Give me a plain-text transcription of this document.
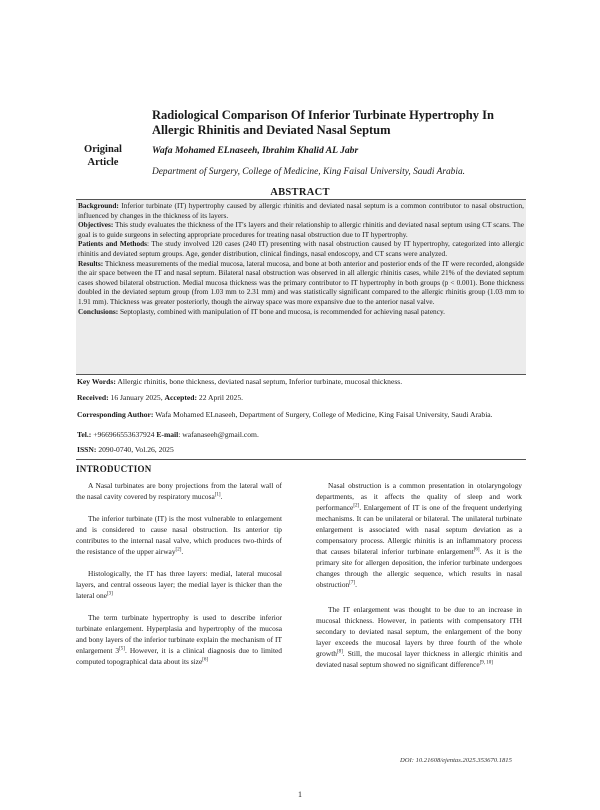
Radiological Comparison Of Inferior Turbinate Hypertrophy In Allergic Rhinitis and Deviated Nasal Septum
Original Article
Wafa Mohamed ELnaseeh, Ibrahim Khalid AL Jabr
Department of Surgery, College of Medicine, King Faisal University, Saudi Arabia.
ABSTRACT

Background: Inferior turbinate (IT) hypertrophy caused by allergic rhinitis and deviated nasal septum is a common contributor to nasal obstruction, influenced by changes in the thickness of its layers.

Objectives: This study evaluates the thickness of the IT's layers and their relationship to allergic rhinitis and deviated nasal septum using CT scans. The goal is to guide surgeons in selecting appropriate procedures for treating nasal obstruction due to IT hypertrophy.

Patients and Methods: The study involved 120 cases (240 IT) presenting with nasal obstruction caused by IT hypertrophy, categorized into allergic rhinitis and deviated septum groups. Age, gender distribution, clinical findings, nasal endoscopy, and CT scans were analyzed.

Results: Thickness measurements of the medial mucosa, lateral mucosa, and bone at both anterior and posterior ends of the IT were recorded, alongside the air space between the IT and nasal septum. Bilateral nasal obstruction was observed in all allergic rhinitis cases, while 21% of the deviated septum cases showed bilateral obstruction. Medial mucosa thickness was the primary contributor to IT hypertrophy in both groups (p < 0.001). Bone thickness doubled in the deviated septum group (from 1.03 mm to 2.31 mm) and was statistically significant compared to the allergic rhinitis group (1.03 mm to 1.91 mm). Thickness was greater posteriorly, though the airway space was more expansive due to the anterior nasal valve.

Conclusions: Septoplasty, combined with manipulation of IT bone and mucosa, is recommended for achieving nasal patency.

Key Words: Allergic rhinitis, bone thickness, deviated nasal septum, Inferior turbinate, mucosal thickness.
Received: 16 January 2025, Accepted: 22 April 2025.
Corresponding Author: Wafa Mohamed ELnaseeh, Department of Surgery, College of Medicine, King Faisal University, Saudi Arabia.
Tel.: +966966553637924 E-mail: wafanaseeh@gmail.com.
ISSN: 2090-0740, Vol.26, 2025
INTRODUCTION

A Nasal turbinates are bony projections from the lateral wall of the nasal cavity covered by respiratory mucosa[1].

The inferior turbinate (IT) is the most vulnerable to enlargement and is considered to cause nasal obstruction. Its anterior tip contributes to the internal nasal valve, which produces two-thirds of the resistance of the upper airway[2].

Histologically, the IT has three layers: medial, lateral mucosal layers, and central osseous layer; the medial layer is thicker than the lateral one[3]

The term turbinate hypertrophy is used to describe inferior turbinate enlargement. Hyperplasia and hypertrophy of the mucosa and bony layers of the inferior turbinate explain the mechanism of IT enlargement 3[5]. However, it is a clinical diagnosis due to limited computed topographical data about its size[6]

Nasal obstruction is a common presentation in otolaryngology departments, as it affects the quality of sleep and work performance[2]. Enlargement of IT is one of the frequent underlying mechanisms. It can be unilateral or bilateral. The unilateral turbinate enlargement is associated with nasal septum deviation as a compensatory process. Allergic rhinitis is an inflammatory process that causes bilateral inferior turbinate enlargement[6]. As it is the primary site for allergen deposition, the inferior turbinate undergoes changes through the allergic sequence, which results in nasal obstruction[7].

The IT enlargement was thought to be due to an increase in mucosal thickness. However, in patients with compensatory ITH secondary to deviated nasal septum, the enlargement of the bony layer exceeds the mucosal layers by three fourth of the whole growth[8]. Still, the mucosal layer thickness in allergic rhinitis and deviated nasal septum showed no significant difference[9, 10]

DOI: 10.21608/ejentas.2025.353670.1815
1
